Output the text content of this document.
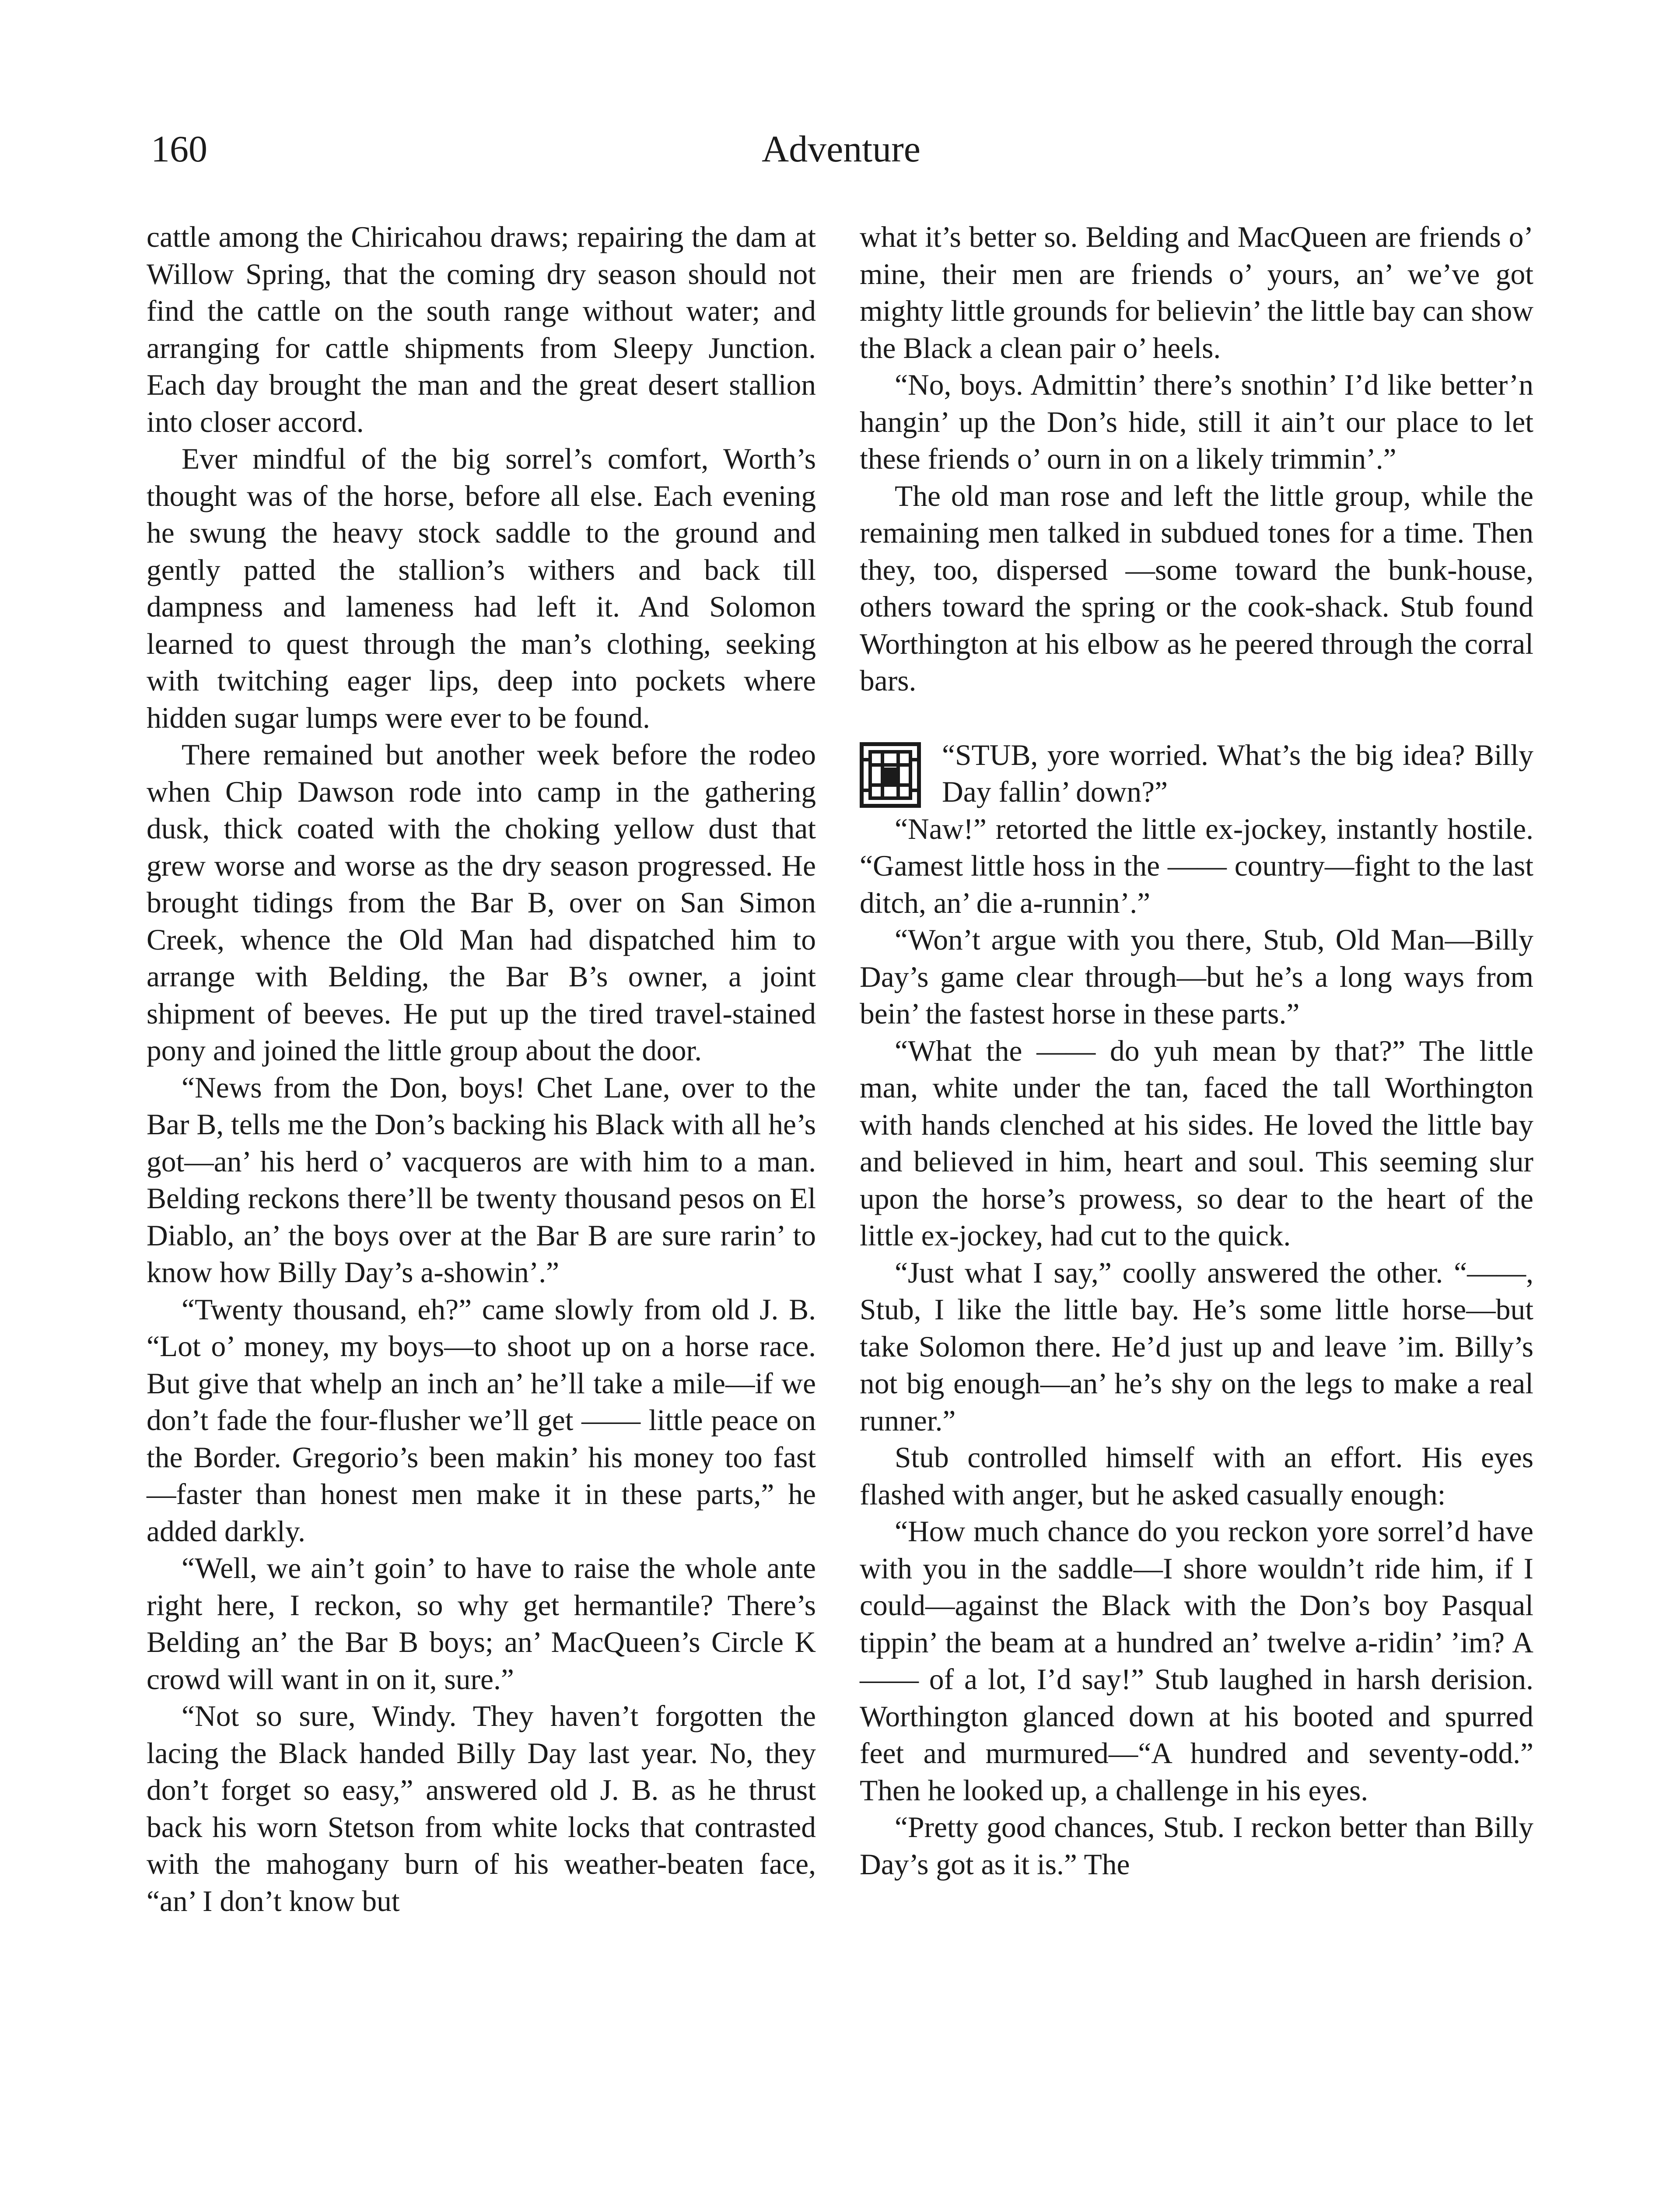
160	Adventure

cattle among the Chiricahou draws; repairing the dam at Willow Spring, that the coming dry season should not find the cattle on the south range without water; and arranging for cattle shipments from Sleepy Junction. Each day brought the man and the great desert stallion into closer accord.

Ever mindful of the big sorrel’s comfort, Worth’s thought was of the horse, before all else. Each evening he swung the heavy stock saddle to the ground and gently patted the stallion’s withers and back till dampness and lameness had left it. And Solomon learned to quest through the man’s clothing, seeking with twitching eager lips, deep into pockets where hidden sugar lumps were ever to be found.

There remained but another week before the rodeo when Chip Dawson rode into camp in the gathering dusk, thick coated with the choking yellow dust that grew worse and worse as the dry season progressed. He brought tidings from the Bar B, over on San Simon Creek, whence the Old Man had dispatched him to arrange with Belding, the Bar B’s owner, a joint shipment of beeves. He put up the tired travel-stained pony and joined the little group about the door.

“News from the Don, boys! Chet Lane, over to the Bar B, tells me the Don’s backing his Black with all he’s got—an’ his herd o’ vacqueros are with him to a man. Belding reckons there’ll be twenty thousand pesos on El Diablo, an’ the boys over at the Bar B are sure rarin’ to know how Billy Day’s a-showin’.”

“Twenty thousand, eh?” came slowly from old J. B. “Lot o’ money, my boys—to shoot up on a horse race. But give that whelp an inch an’ he’ll take a mile—if we don’t fade the four-flusher we’ll get —— little peace on the Border. Gregorio’s been makin’ his money too fast—faster than honest men make it in these parts,” he added darkly.

“Well, we ain’t goin’ to have to raise the whole ante right here, I reckon, so why get hermantile? There’s Belding an’ the Bar B boys; an’ MacQueen’s Circle K crowd will want in on it, sure.”

“Not so sure, Windy. They haven’t forgotten the lacing the Black handed Billy Day last year. No, they don’t forget so easy,” answered old J. B. as he thrust back his worn Stetson from white locks that contrasted with the mahogany burn of his weather-beaten face, “an’ I don’t know but

what it’s better so. Belding and MacQueen are friends o’ mine, their men are friends o’ yours, an’ we’ve got mighty little grounds for believin’ the little bay can show the Black a clean pair o’ heels.

“No, boys. Admittin’ there’s snothin’ I’d like better’n hangin’ up the Don’s hide, still it ain’t our place to let these friends o’ ourn in on a likely trimmin’.”

The old man rose and left the little group, while the remaining men talked in subdued tones for a time. Then they, too, dispersed —some toward the bunk-house, others toward the spring or the cook-shack. Stub found Worthington at his elbow as he peered through the corral bars.

“STUB, yore worried. What’s the big idea? Billy Day fallin’ down?”

“Naw!” retorted the little ex-jockey, instantly hostile. “Gamest little hoss in the —— country—fight to the last ditch, an’ die a-runnin’.”

“Won’t argue with you there, Stub, Old Man—Billy Day’s game clear through—but he’s a long ways from bein’ the fastest horse in these parts.”

“What the —— do yuh mean by that?” The little man, white under the tan, faced the tall Worthington with hands clenched at his sides. He loved the little bay and believed in him, heart and soul. This seeming slur upon the horse’s prowess, so dear to the heart of the little ex-jockey, had cut to the quick.

“Just what I say,” coolly answered the other. “——, Stub, I like the little bay. He’s some little horse—but take Solomon there. He’d just up and leave ’im. Billy’s not big enough—an’ he’s shy on the legs to make a real runner.”

Stub controlled himself with an effort. His eyes flashed with anger, but he asked casually enough:

“How much chance do you reckon yore sorrel’d have with you in the saddle—I shore wouldn’t ride him, if I could—against the Black with the Don’s boy Pasqual tippin’ the beam at a hundred an’ twelve a-ridin’ ’im? A —— of a lot, I’d say!” Stub laughed in harsh derision. Worthington glanced down at his booted and spurred feet and murmured—“A hundred and seventy-odd.” Then he looked up, a challenge in his eyes.

“Pretty good chances, Stub. I reckon better than Billy Day’s got as it is.” The
